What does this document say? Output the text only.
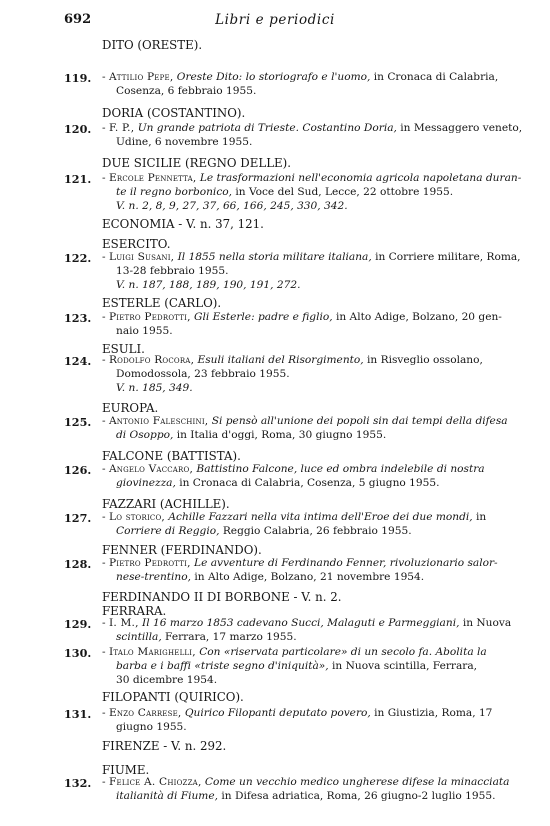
692	Libri e periodici
DITO (ORESTE).
DORIA (COSTANTINO).
DUE SICILIE (REGNO DELLE).
ECONOMIA - V. n. 37, 121.
ESERCITO.
ESTERLE (CARLO).
ESULI.
EUROPA.
FALCONE (BATTISTA).
FAZZARI (ACHILLE).
FENNER (FERDINANDO).
FERDINANDO II DI BORBONE - V. n. 2.
FERRARA.
FILOPANTI (QUIRICO).
FIRENZE - V. n. 292.
FIUME.
119. - Attilio Pepe, Oreste Dito: lo storiografo e l'uomo, in Cronaca di Calabria,
Cosenza, 6 febbraio 1955.
120. - F. P., Un grande patriota di Trieste. Costantino Doria, in Messaggero veneto,
Udine, 6 novembre 1955.
121. - Ercole Pennetta, Le trasformazioni nell'economia agricola napoletana duran-
te il regno borbonico, in Voce del Sud, Lecce, 22 ottobre 1955.
V. n. 2, 8, 9, 27, 37, 66, 166, 245, 330, 342.
122. - Luigi Susani, Il 1855 nella storia militare italiana, in Corriere militare, Roma,
13-28 febbraio 1955.
V. n. 187, 188, 189, 190, 191, 272.
123. - Pietro Pedrotti, Gli Esterle: padre e figlio, in Alto Adige, Bolzano, 20 gen-
naio 1955.
124. - Rodolfo Rocora, Esuli italiani del Risorgimento, in Risveglio ossolano,
Domodossola, 23 febbraio 1955.
V. n. 185, 349.
125. - Antonio Faleschini, Si pensò all'unione dei popoli sin dai tempi della difesa
di Osoppo, in Italia d'oggi, Roma, 30 giugno 1955.
126. - Angelo Vaccaro, Battistino Falcone, luce ed ombra indelebile di nostra
giovinezza, in Cronaca di Calabria, Cosenza, 5 giugno 1955.
127. - Lo storico, Achille Fazzari nella vita intima dell'Eroe dei due mondi, in
Corriere di Reggio, Reggio Calabria, 26 febbraio 1955.
128. - Pietro Pedrotti, Le avventure di Ferdinando Fenner, rivoluzionario salor-
nese-trentino, in Alto Adige, Bolzano, 21 novembre 1954.
129. - I. M., Il 16 marzo 1853 cadevano Succi, Malaguti e Parmeggiani, in Nuova
scintilla, Ferrara, 17 marzo 1955.
130. - Italo Marighelli, Con «riservata particolare» di un secolo fa. Abolita la
barba e i baffi «triste segno d'iniquità», in Nuova scintilla, Ferrara,
30 dicembre 1954.
131. - Enzo Carrese, Quirico Filopanti deputato povero, in Giustizia, Roma, 17
giugno 1955.
132. - Felice A. Chiozza, Come un vecchio medico ungherese difese la minacciata
italianità di Fiume, in Difesa adriatica, Roma, 26 giugno-2 luglio 1955.
